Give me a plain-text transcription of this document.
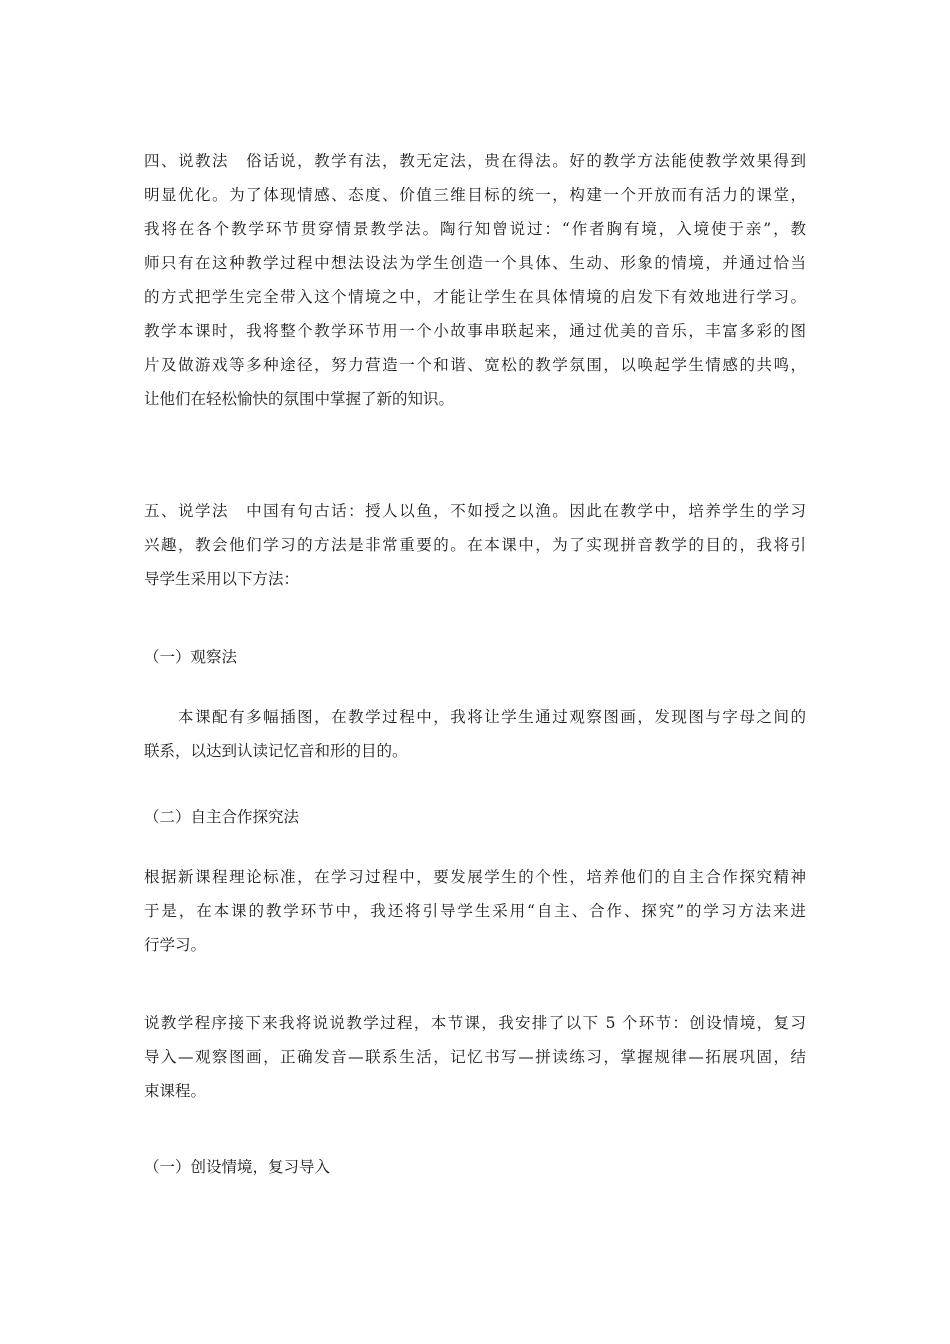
四、说教法　俗话说，教学有法，教无定法，贵在得法。好的教学方法能使教学效果得到
明显优化。为了体现情感、态度、价值三维目标的统一，构建一个开放而有活力的课堂，
我将在各个教学环节贯穿情景教学法。陶行知曾说过：“作者胸有境，入境使于亲”，教
师只有在这种教学过程中想法设法为学生创造一个具体、生动、形象的情境，并通过恰当
的方式把学生完全带入这个情境之中，才能让学生在具体情境的启发下有效地进行学习。
教学本课时，我将整个教学环节用一个小故事串联起来，通过优美的音乐，丰富多彩的图
片及做游戏等多种途径，努力营造一个和谐、宽松的教学氛围，以唤起学生情感的共鸣，
让他们在轻松愉快的氛围中掌握了新的知识。
五、说学法　中国有句古话：授人以鱼，不如授之以渔。因此在教学中，培养学生的学习
兴趣，教会他们学习的方法是非常重要的。在本课中，为了实现拼音教学的目的，我将引
导学生采用以下方法：
（一）观察法
　　本课配有多幅插图，在教学过程中，我将让学生通过观察图画，发现图与字母之间的
联系，以达到认读记忆音和形的目的。
（二）自主合作探究法
根据新课程理论标准，在学习过程中，要发展学生的个性，培养他们的自主合作探究精神
于是，在本课的教学环节中，我还将引导学生采用“自主、合作、探究”的学习方法来进
行学习。
说教学程序接下来我将说说教学过程，本节课，我安排了以下 5 个环节：创设情境，复习
导入—观察图画，正确发音—联系生活，记忆书写—拼读练习，掌握规律—拓展巩固，结
束课程。
（一）创设情境，复习导入
